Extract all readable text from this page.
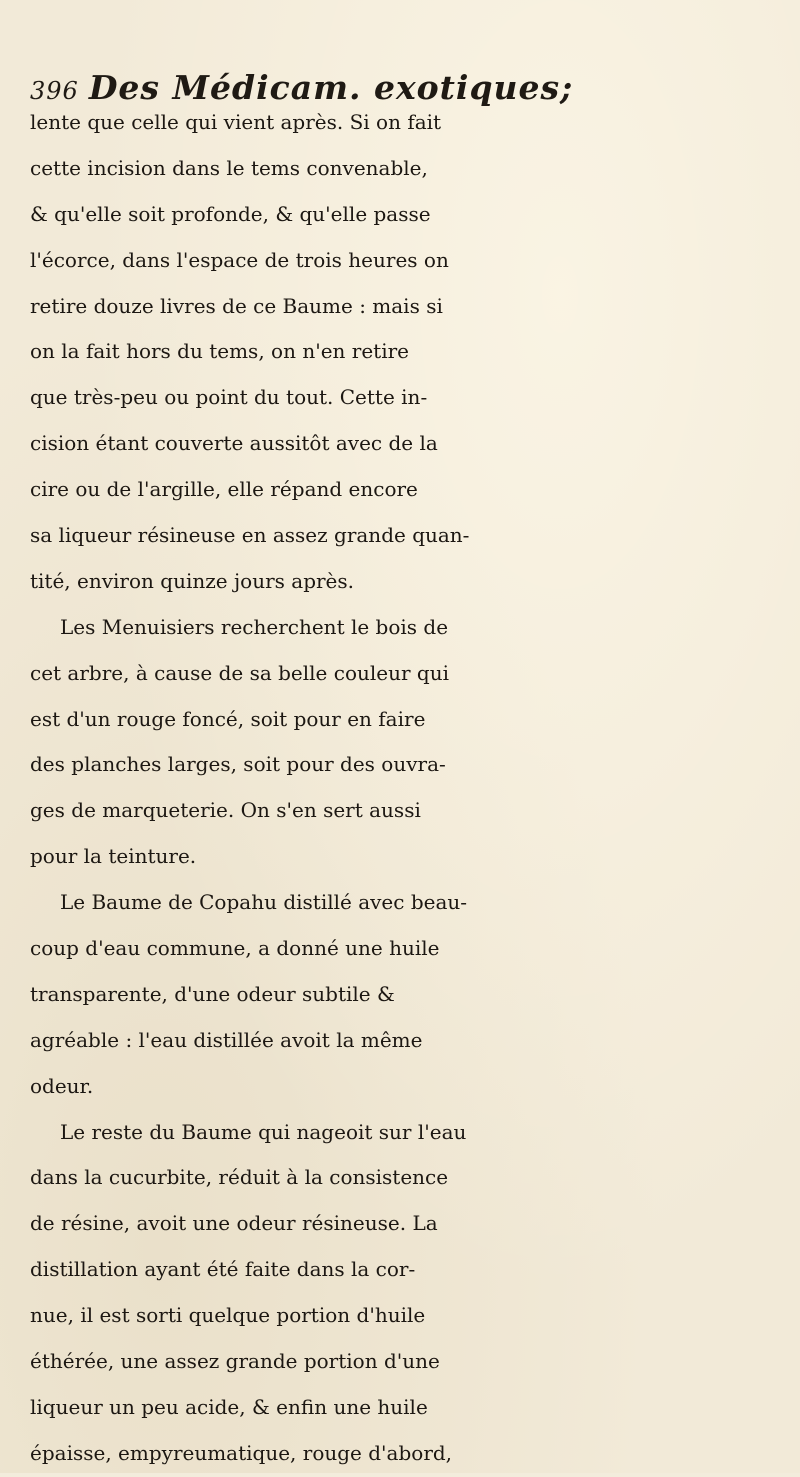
396 Des Médicam. exotiques;
lente que celle qui vient après. Si on fait
cette incision dans le tems convenable,
& qu'elle soit profonde, & qu'elle passe
l'écorce, dans l'espace de trois heures on
retire douze livres de ce Baume : mais si
on la fait hors du tems, on n'en retire
que très-peu ou point du tout. Cette in-
cision étant couverte aussitôt avec de la
cire ou de l'argille, elle répand encore
sa liqueur résineuse en assez grande quan-
tité, environ quinze jours après.
Les Menuisiers recherchent le bois de
cet arbre, à cause de sa belle couleur qui
est d'un rouge foncé, soit pour en faire
des planches larges, soit pour des ouvra-
ges de marqueterie. On s'en sert aussi
pour la teinture.
Le Baume de Copahu distillé avec beau-
coup d'eau commune, a donné une huile
transparente, d'une odeur subtile &
agréable : l'eau distillée avoit la même
odeur.
Le reste du Baume qui nageoit sur l'eau
dans la cucurbite, réduit à la consistence
de résine, avoit une odeur résineuse. La
distillation ayant été faite dans la cor-
nue, il est sorti quelque portion d'huile
éthérée, une assez grande portion d'une
liqueur un peu acide, & enfin une huile
épaisse, empyreumatique, rouge d'abord,
